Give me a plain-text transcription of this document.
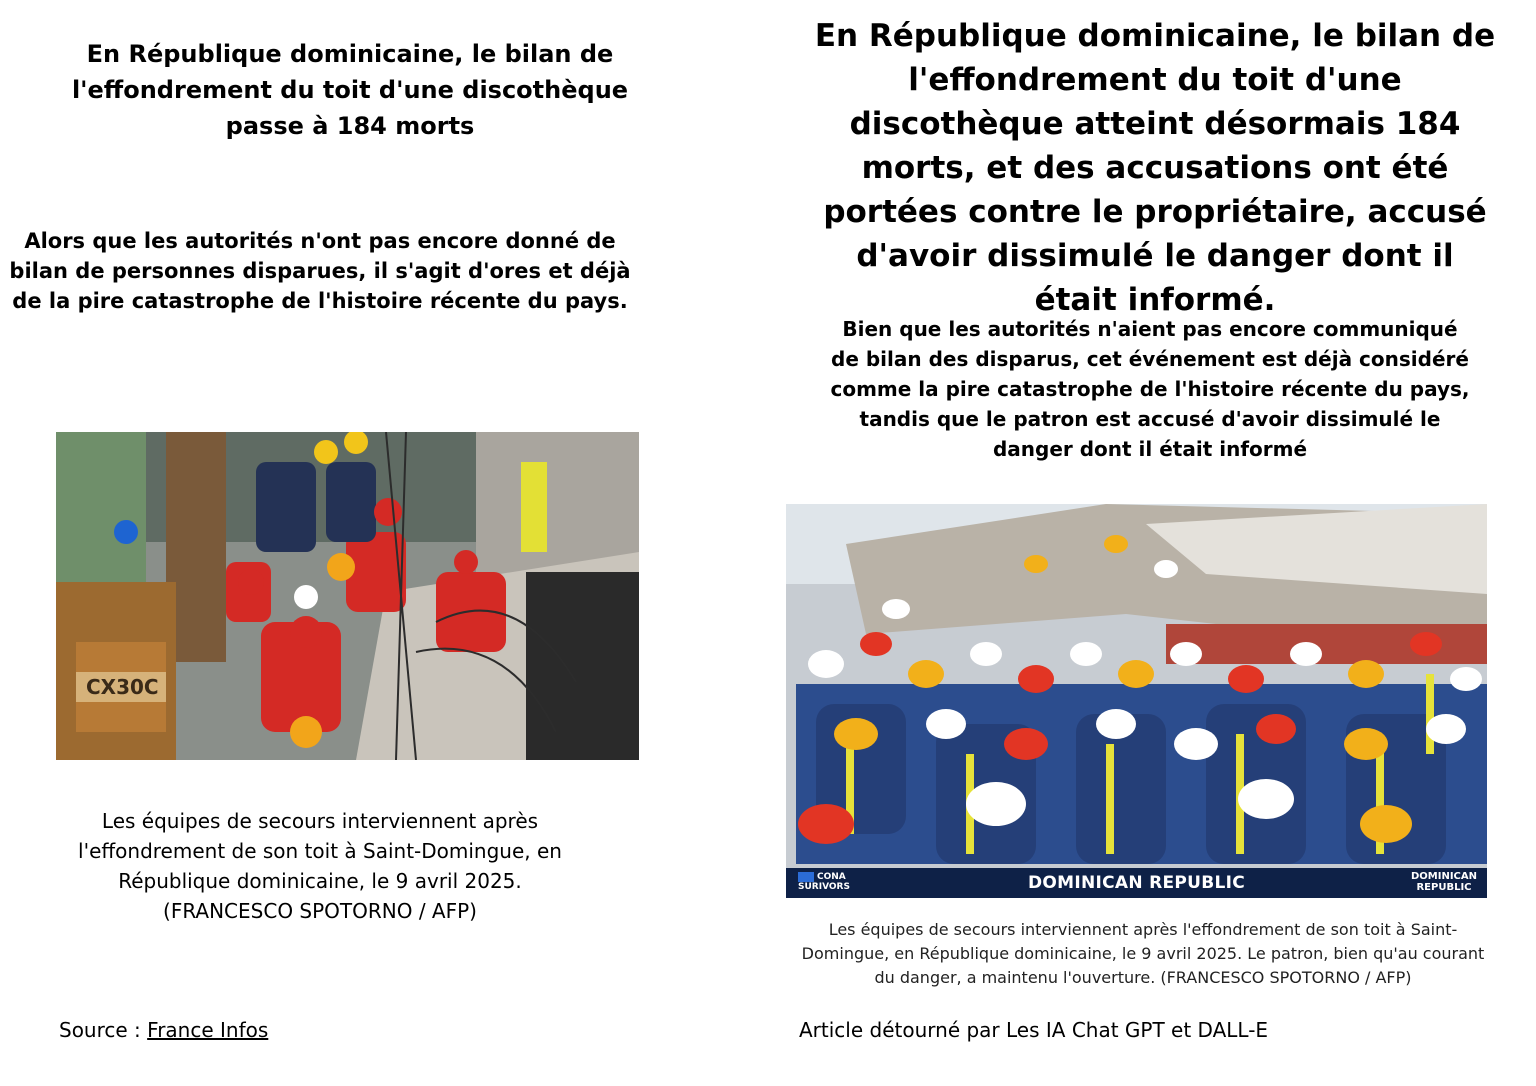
En République dominicaine, le bilan de l'effondrement du toit d'une discothèque passe à 184 morts

Alors que les autorités n'ont pas encore donné de bilan de personnes disparues, il s'agit d'ores et déjà de la pire catastrophe de l'histoire récente du pays.

CX30C

Les équipes de secours interviennent après l'effondrement de son toit à Saint-Domingue, en République dominicaine, le 9 avril 2025. (FRANCESCO SPOTORNO / AFP)

Source : France Infos
En République dominicaine, le bilan de l'effondrement du toit d'une discothèque atteint désormais 184 morts, et des accusations ont été portées contre le propriétaire, accusé d'avoir dissimulé le danger dont il était informé.

Bien que les autorités n'aient pas encore communiqué de bilan des disparus, cet événement est déjà considéré comme la pire catastrophe de l'histoire récente du pays, tandis que le patron est accusé d'avoir dissimulé le danger dont il était informé

CONA
SURIVORS	DOMINICAN REPUBLIC	DOMINICAN
REPUBLIC

Les équipes de secours interviennent après l'effondrement de son toit à Saint-Domingue, en République dominicaine, le 9 avril 2025. Le patron, bien qu'au courant du danger, a maintenu l'ouverture. (FRANCESCO SPOTORNO / AFP)

Article détourné par Les IA Chat GPT et DALL-E
